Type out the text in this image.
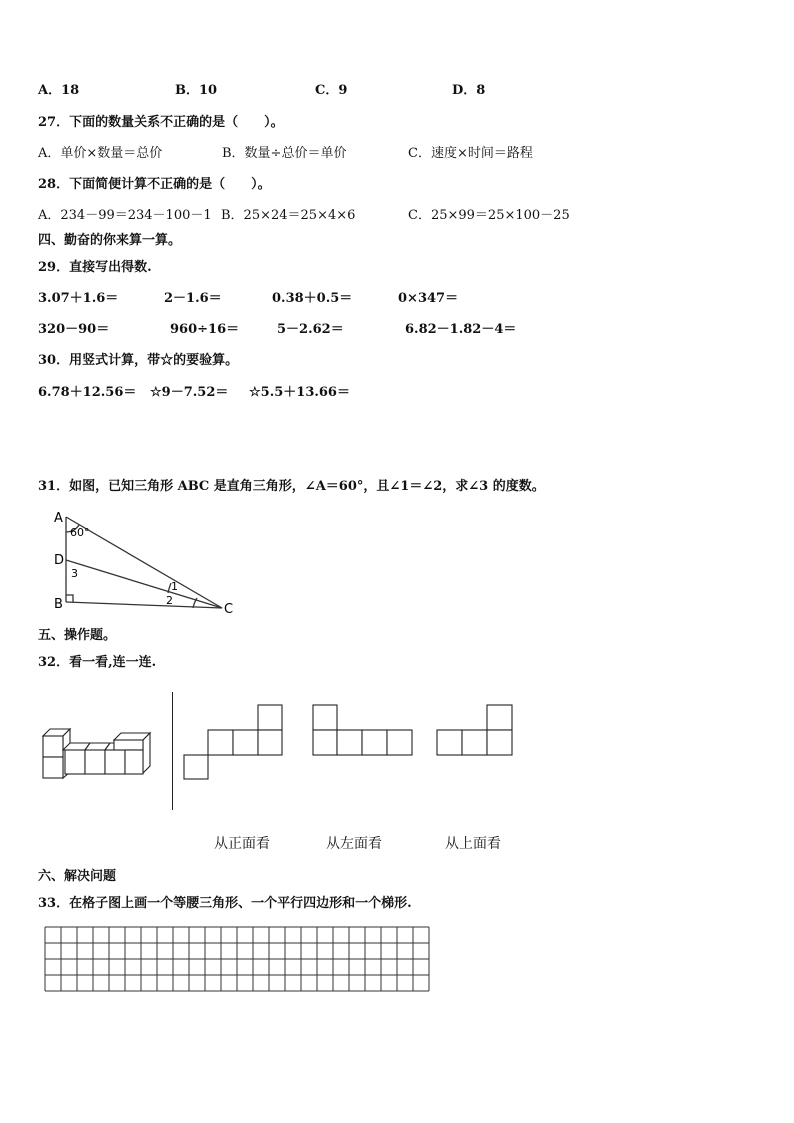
A．18	B．10	C．9	D．8
27．下面的数量关系不正确的是（　　）。
A．单价×数量＝总价	B．数量÷总价＝单价	C．速度×时间＝路程
28．下面简便计算不正确的是（　　）。
A．234－99＝234－100－1 B．25×24＝25×4×6	C．25×99＝25×100－25
四、勤奋的你来算一算。
29．直接写出得数.
3.07＋1.6＝	2－1.6＝	0.38＋0.5＝	0×347＝
320－90＝	960÷16＝	5－2.62＝	6.82－1.82－4＝
30．用竖式计算，带☆的要验算。
6.78＋12.56＝ ☆9－7.52＝ ☆5.5＋13.66＝
31．如图，已知三角形 ABC 是直角三角形，∠A＝60°，且∠1＝∠2，求∠3 的度数。
A
D
B	C
60°
3
1
2
五、操作题。
32．看一看,连一连.
从正面看	从左面看	从上面看
六、解决问题
33．在格子图上画一个等腰三角形、一个平行四边形和一个梯形.
